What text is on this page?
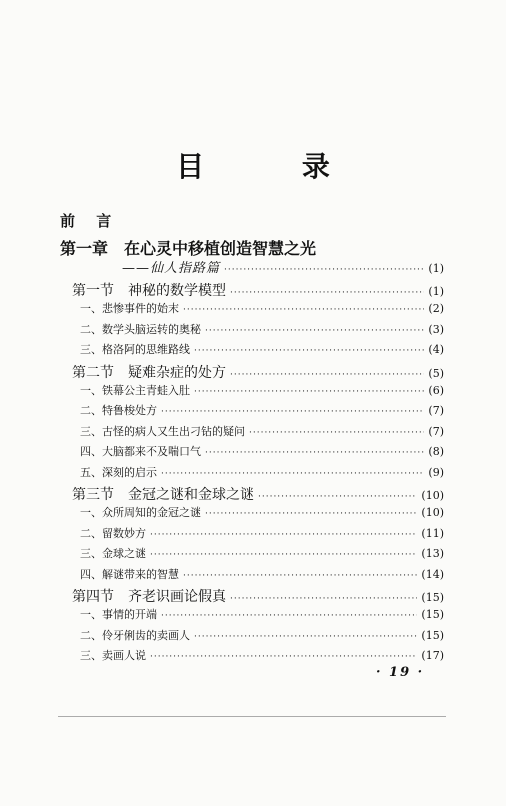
目 录
前 言
第一章 在心灵中移植创造智慧之光
——仙人指路篇 ·····	(1)
第一节　神秘的数学模型 ·····	(1)
一、悲惨事件的始末 ·····	(2)
二、数学头脑运转的奥秘 ·····	(3)
三、格洛阿的思维路线 ·····	(4)
第二节　疑难杂症的处方 ·····	(5)
一、铁幕公主青蛙入肚 ·····	(6)
二、特鲁梭处方 ·····	(7)
三、古怪的病人又生出刁钻的疑问 ·····	(7)
四、大脑都来不及喘口气 ·····	(8)
五、深刻的启示 ·····	(9)
第三节　金冠之谜和金球之谜 ·····	(10)
一、众所周知的金冠之谜 ·····	(10)
二、留数妙方 ·····	(11)
三、金球之谜 ·····	(13)
四、解谜带来的智慧 ·····	(14)
第四节　齐老识画论假真 ·····	(15)
一、事情的开端 ·····	(15)
二、伶牙俐齿的卖画人 ·····	(15)
三、卖画人说 ·····	(17)
· 19 ·
